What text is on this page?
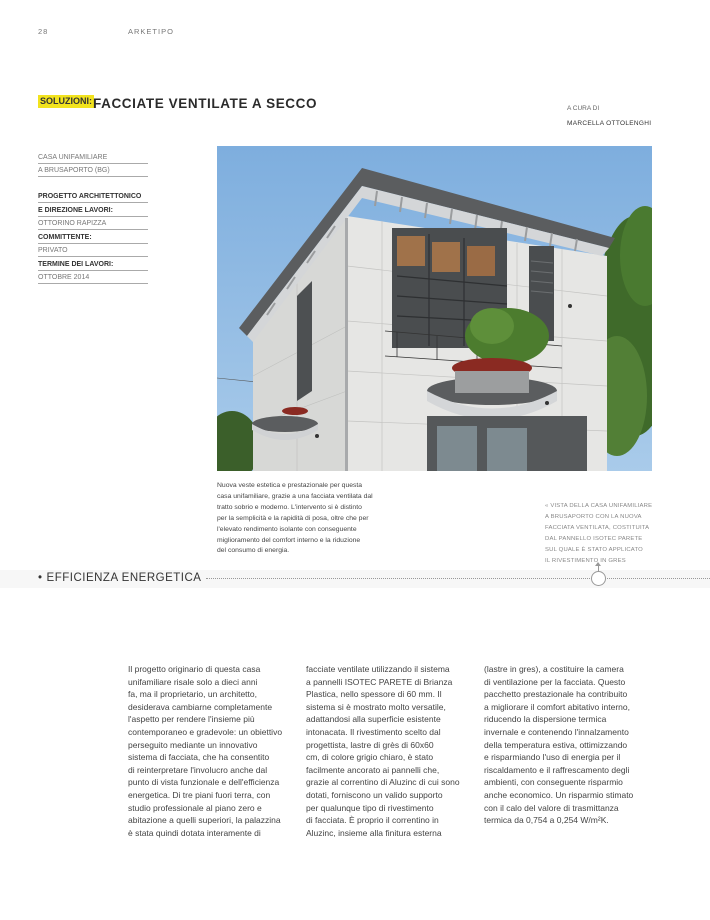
28	ARKETIPO
SOLUZIONI: FACCIATE VENTILATE A SECCO	A CURA DI
MARCELLA OTTOLENGHI
CASA UNIFAMILIARE
A BRUSAPORTO (BG)
PROGETTO ARCHITETTONICO
E DIREZIONE LAVORI:
OTTORINO RAPIZZA
COMMITTENTE:
PRIVATO
TERMINE DEI LAVORI:
OTTOBRE 2014
Nuova veste estetica e prestazionale per questa
casa unifamiliare, grazie a una facciata ventilata dal
tratto sobrio e moderno. L'intervento si è distinto
per la semplicità e la rapidità di posa, oltre che per
l'elevato rendimento isolante con conseguente
miglioramento del comfort interno e la riduzione
del consumo di energia.
« VISTA DELLA CASA UNIFAMILIARE
A BRUSAPORTO CON LA NUOVA
FACCIATA VENTILATA, COSTITUITA
DAL PANNELLO ISOTEC PARETE
SUL QUALE È STATO APPLICATO
IL RIVESTIMENTO IN GRES
• EFFICIENZA ENERGETICA
Il progetto originario di questa casa
unifamiliare risale solo a dieci anni
fa, ma il proprietario, un architetto,
desiderava cambiarne completamente
l'aspetto per rendere l'insieme più
contemporaneo e gradevole: un obiettivo
perseguito mediante un innovativo
sistema di facciata, che ha consentito
di reinterpretare l'involucro anche dal
punto di vista funzionale e dell'efficienza
energetica. Di tre piani fuori terra, con
studio professionale al piano zero e
abitazione a quelli superiori, la palazzina
è stata quindi dotata interamente di
facciate ventilate utilizzando il sistema
a pannelli ISOTEC PARETE di Brianza
Plastica, nello spessore di 60 mm. Il
sistema si è mostrato molto versatile,
adattandosi alla superficie esistente
intonacata. Il rivestimento scelto dal
progettista, lastre di grès di 60x60
cm, di colore grigio chiaro, è stato
facilmente ancorato ai pannelli che,
grazie al correntino di Aluzinc di cui sono
dotati, forniscono un valido supporto
per qualunque tipo di rivestimento
di facciata. È proprio il correntino in
Aluzinc, insieme alla finitura esterna
(lastre in gres), a costituire la camera
di ventilazione per la facciata. Questo
pacchetto prestazionale ha contribuito
a migliorare il comfort abitativo interno,
riducendo la dispersione termica
invernale e contenendo l'innalzamento
della temperatura estiva, ottimizzando
e risparmiando l'uso di energia per il
riscaldamento e il raffrescamento degli
ambienti, con conseguente risparmio
anche economico. Un risparmio stimato
con il calo del valore di trasmittanza
termica da 0,754 a 0,254 W/m²K.
